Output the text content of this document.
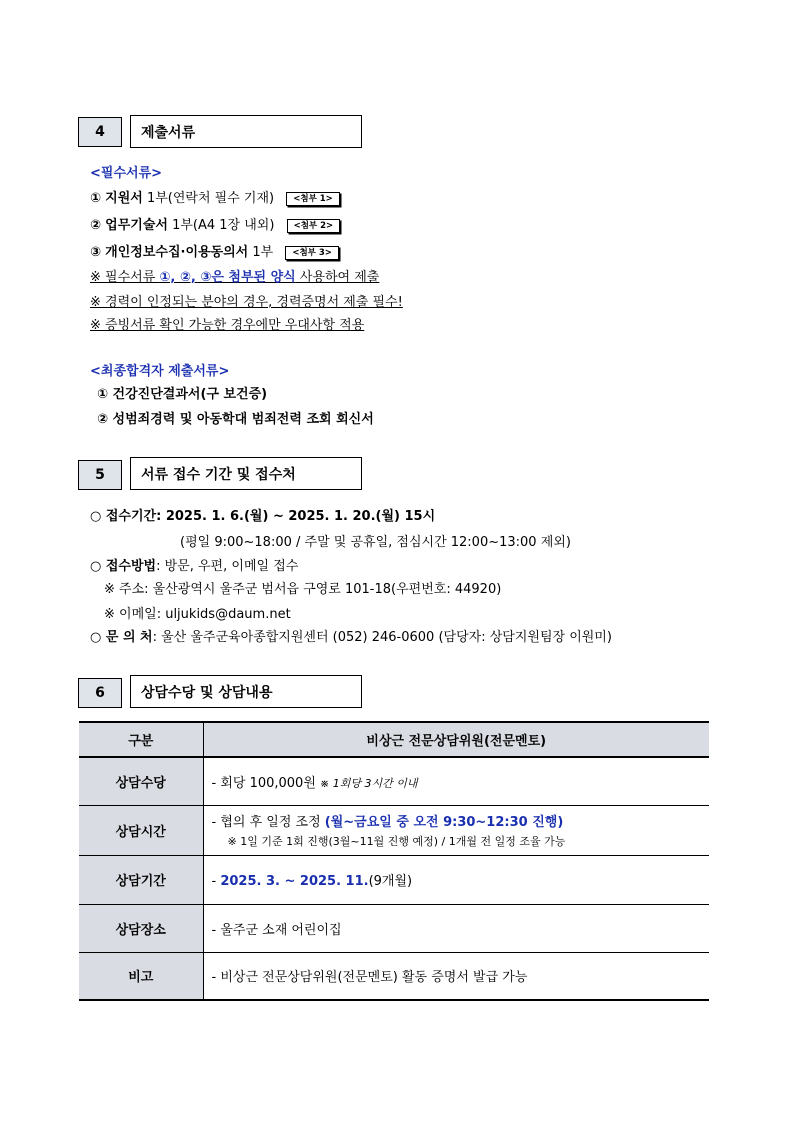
4	제출서류
<필수서류>
① 지원서 1부(연락처 필수 기재) <첨부 1>
② 업무기술서 1부(A4 1장 내외) <첨부 2>
③ 개인정보수집·이용동의서 1부 <첨부 3>
※ 필수서류 ①, ②, ③은 첨부된 양식 사용하여 제출
※ 경력이 인정되는 분야의 경우, 경력증명서 제출 필수!
※ 증빙서류 확인 가능한 경우에만 우대사항 적용
<최종합격자 제출서류>
① 건강진단결과서(구 보건증)
② 성범죄경력 및 아동학대 범죄전력 조회 회신서
5	서류 접수 기간 및 접수처
○ 접수기간: 2025. 1. 6.(월) ~ 2025. 1. 20.(월) 15시
(평일 9:00~18:00 / 주말 및 공휴일, 점심시간 12:00~13:00 제외)
○ 접수방법: 방문, 우편, 이메일 접수
※ 주소: 울산광역시 울주군 범서읍 구영로 101-18(우편번호: 44920)
※ 이메일: uljukids@daum.net
○ 문 의 처: 울산 울주군육아종합지원센터 (052) 246-0600 (담당자: 상담지원팀장 이원미)
6	상담수당 및 상담내용
구분	비상근 전문상담위원(전문멘토)
상담수당	- 회당 100,000원 ※ 1회당 3시간 이내
상담시간	- 협의 후 일정 조정 (월~금요일 중 오전 9:30~12:30 진행)
※ 1일 기준 1회 진행(3월~11월 진행 예정) / 1개월 전 일정 조율 가능

상담기간	- 2025. 3. ~ 2025. 11.(9개월)
상담장소	- 울주군 소재 어린이집
비고	- 비상근 전문상담위원(전문멘토) 활동 증명서 발급 가능
